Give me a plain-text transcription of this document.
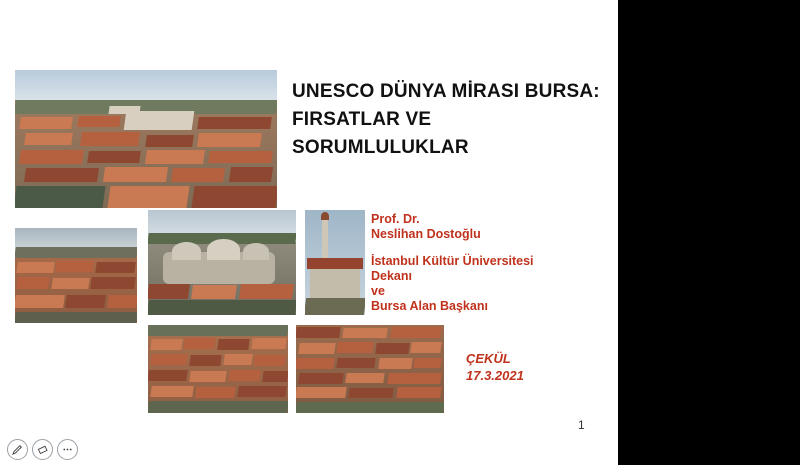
UNESCO DÜNYA MİRASI BURSA:
FIRSATLAR VE SORUMLULUKLAR
Prof. Dr.
Neslihan Dostoğlu
İstanbul Kültür Üniversitesi
Dekanı
ve
Bursa Alan Başkanı
ÇEKÜL
17.3.2021
1
